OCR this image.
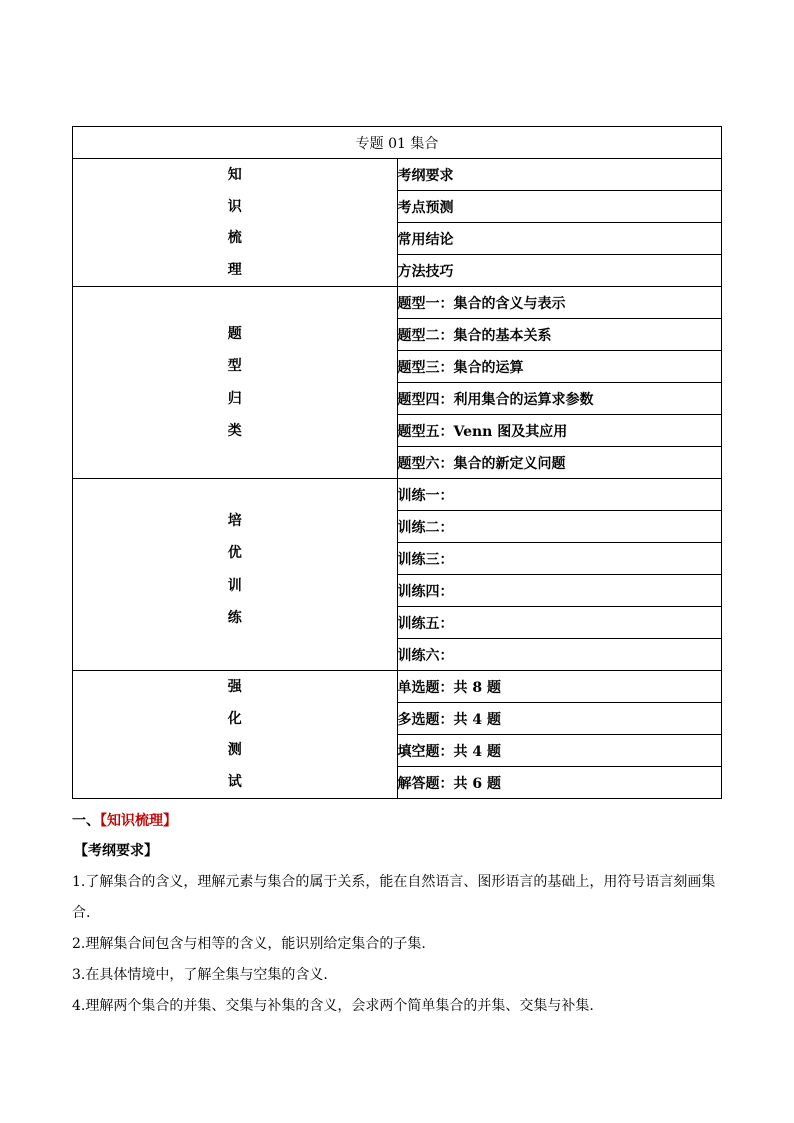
专题 01 集合	

知
识
梳
理	考纲要求
	考点预测
	常用结论
	方法技巧

题
型
归
类	题型一：集合的含义与表示
	题型二：集合的基本关系
	题型三：集合的运算
	题型四：利用集合的运算求参数
	题型五：Venn 图及其应用
	题型六：集合的新定义问题

培
优
训
练	训练一：
	训练二：
	训练三：
	训练四：
	训练五：
	训练六：

强
化
测
试	单选题：共 8 题
	多选题：共 4 题
	填空题：共 4 题
	解答题：共 6 题
一、【知识梳理】
【考纲要求】
1.了解集合的含义，理解元素与集合的属于关系，能在自然语言、图形语言的基础上，用符号语言刻画集合.
2.理解集合间包含与相等的含义，能识别给定集合的子集.
3.在具体情境中，了解全集与空集的含义.
4.理解两个集合的并集、交集与补集的含义，会求两个简单集合的并集、交集与补集.
